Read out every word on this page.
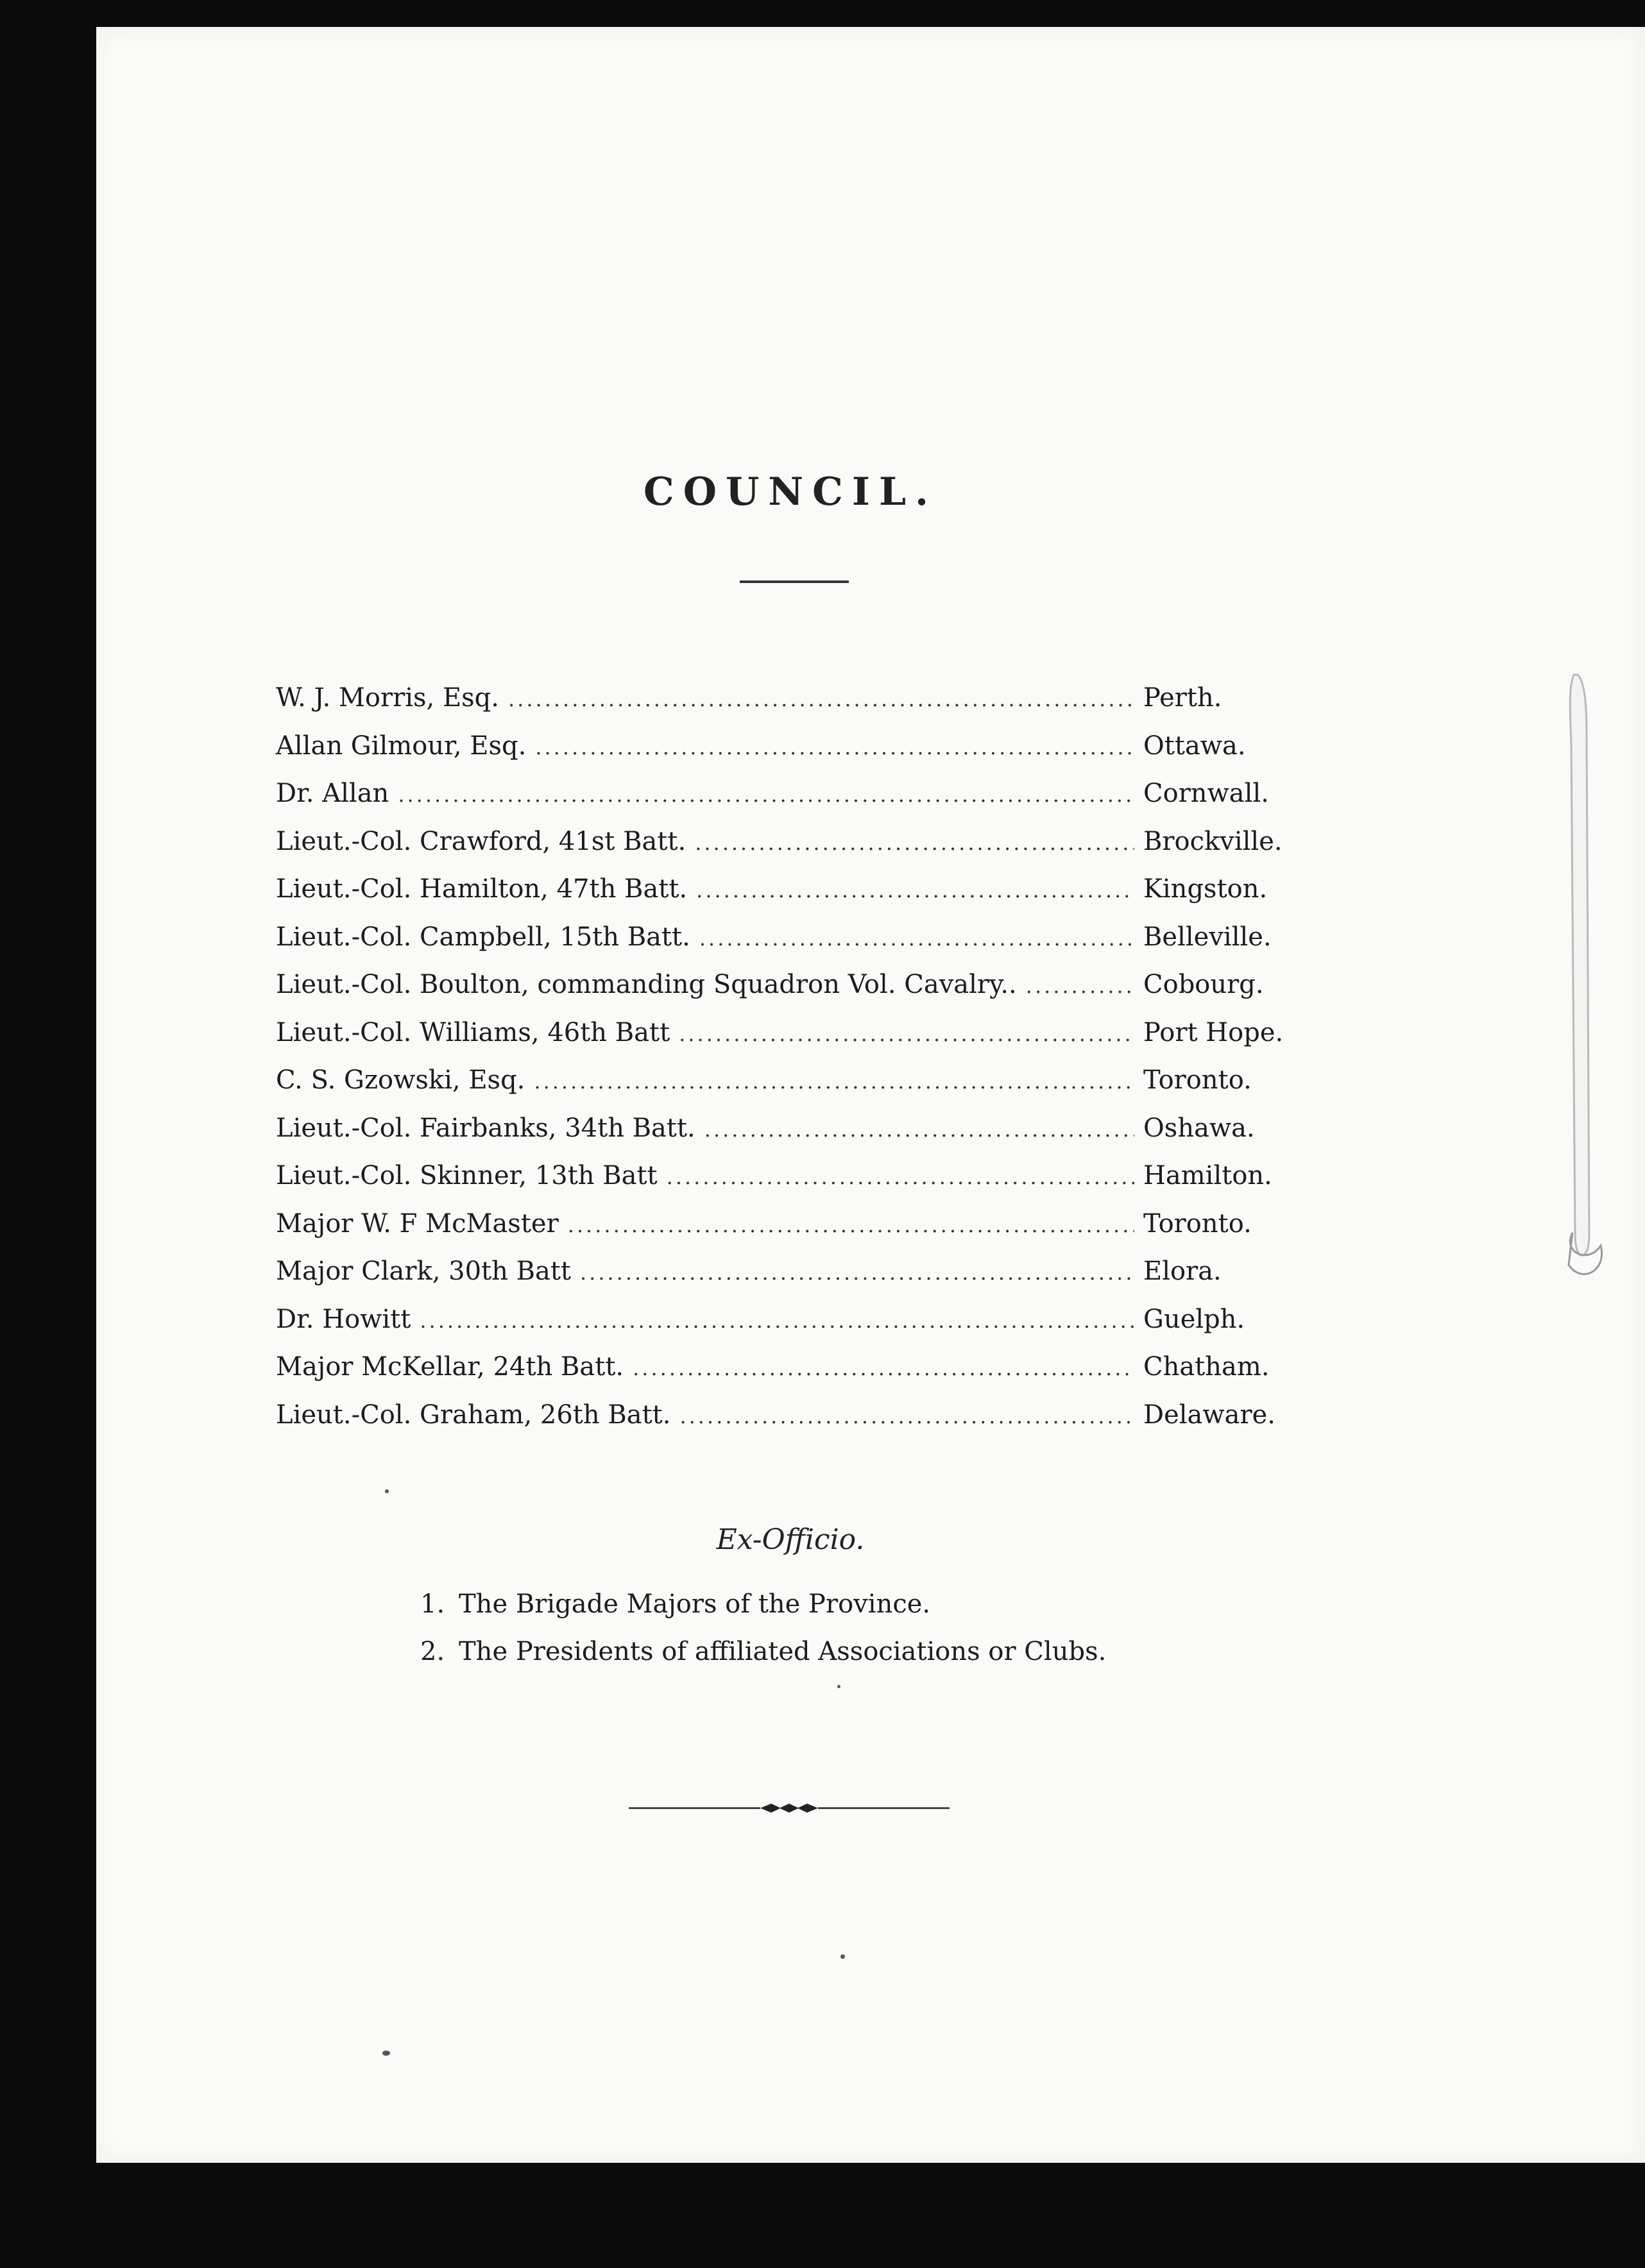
COUNCIL.
W. J. Morris, Esq. .....	Perth.
Allan Gilmour, Esq. .....	Ottawa.
Dr. Allan .....	Cornwall.
Lieut.-Col. Crawford, 41st Batt. .....	Brockville.
Lieut.-Col. Hamilton, 47th Batt. .....	Kingston.
Lieut.-Col. Campbell, 15th Batt. .....	Belleville.
Lieut.-Col. Boulton, commanding Squadron Vol. Cavalry.. .....	Cobourg.
Lieut.-Col. Williams, 46th Batt .....	Port Hope.
C. S. Gzowski, Esq. .....	Toronto.
Lieut.-Col. Fairbanks, 34th Batt. .....	Oshawa.
Lieut.-Col. Skinner, 13th Batt .....	Hamilton.
Major W. F McMaster .....	Toronto.
Major Clark, 30th Batt .....	Elora.
Dr. Howitt .....	Guelph.
Major McKellar, 24th Batt. .....	Chatham.
Lieut.-Col. Graham, 26th Batt. .....	Delaware.
Ex-Officio.
1. The Brigade Majors of the Province.
2. The Presidents of affiliated Associations or Clubs.
